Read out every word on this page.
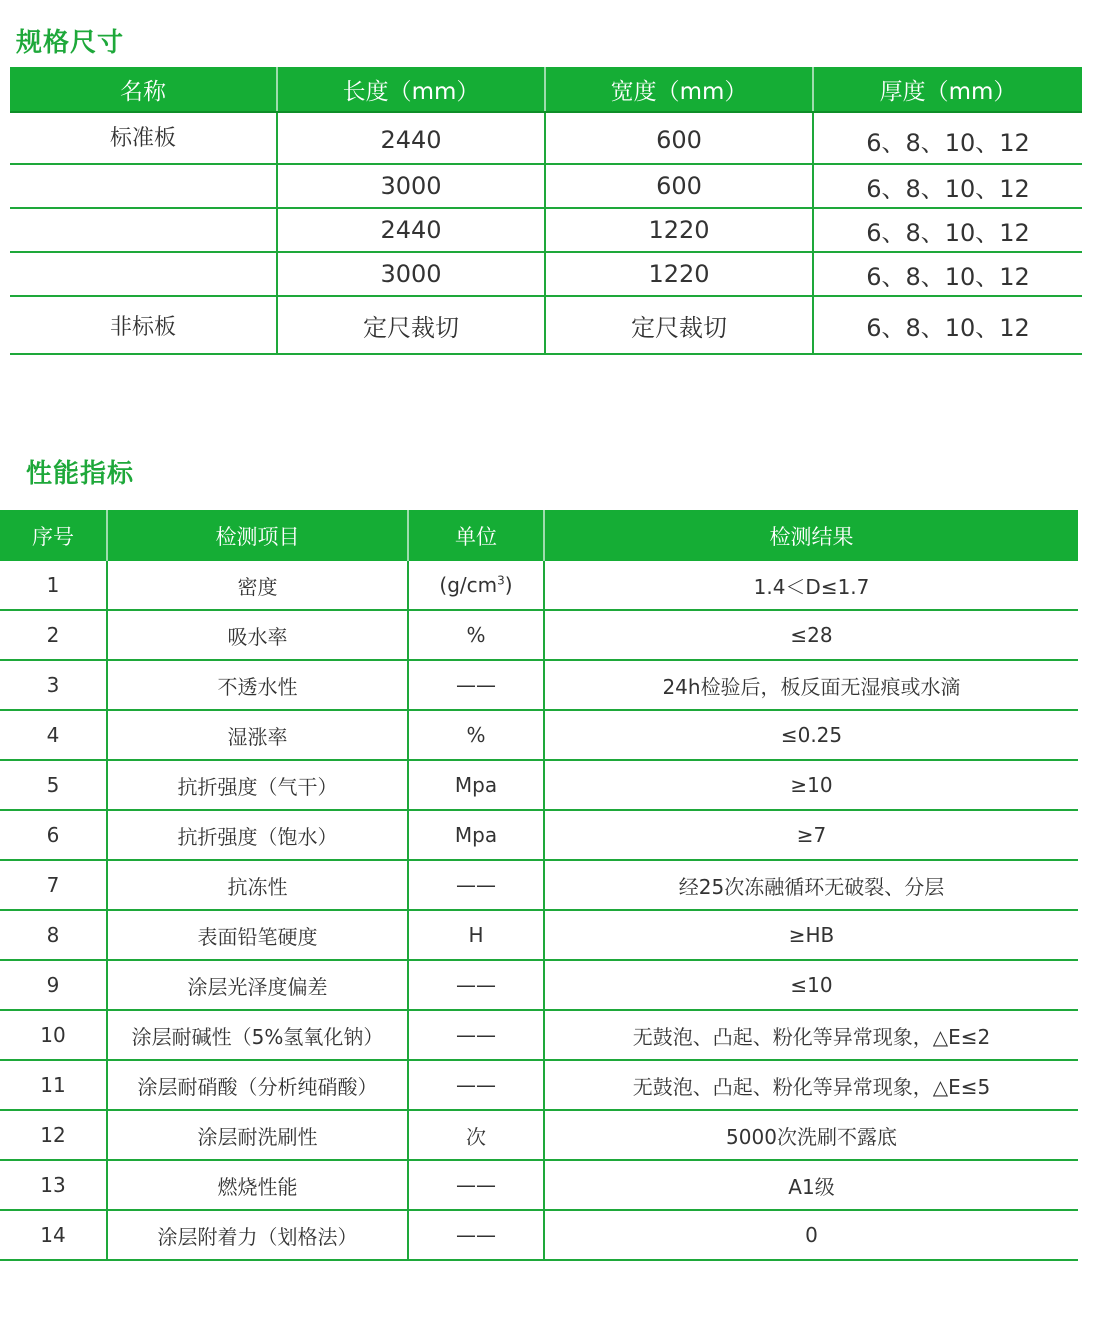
规格尺寸
名称	长度（mm）	宽度（mm）	厚度（mm）
标准板	2440	600	6、8、10、12
	3000	600	6、8、10、12
	2440	1220	6、8、10、12
	3000	1220	6、8、10、12
非标板	定尺裁切	定尺裁切	6、8、10、12
性能指标
序号	检测项目	单位	检测结果
1	密度	$(g/cm^3)$	1.4＜D≤1.7
2	吸水率	%	≤28
3	不透水性	——	24h检验后，板反面无湿痕或水滴
4	湿涨率	%	≤0.25
5	抗折强度（气干）	Mpa	≥10
6	抗折强度（饱水）	Mpa	≥7
7	抗冻性	——	经25次冻融循环无破裂、分层
8	表面铅笔硬度	H	≥HB
9	涂层光泽度偏差	——	≤10
10	涂层耐碱性（5%氢氧化钠）	——	无鼓泡、凸起、粉化等异常现象，△E≤2
11	涂层耐硝酸（分析纯硝酸）	——	无鼓泡、凸起、粉化等异常现象，△E≤5
12	涂层耐洗刷性	次	5000次洗刷不露底
13	燃烧性能	——	A1级
14	涂层附着力（划格法）	——	0
